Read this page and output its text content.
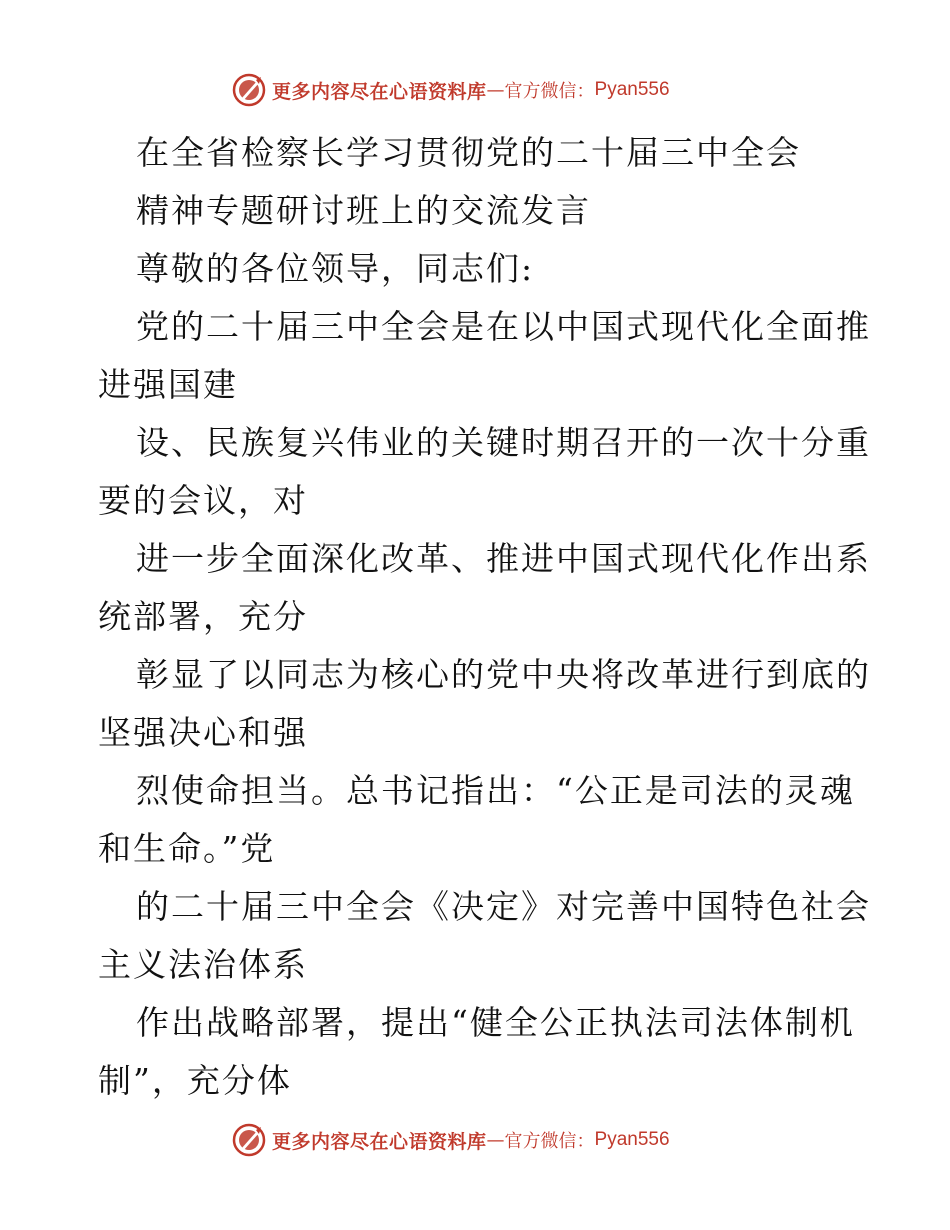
更多内容尽在心语资料库 — 官方微信： Pyan556
在全省检察长学习贯彻党的二十届三中全会
精神专题研讨班上的交流发言
尊敬的各位领导，同志们:
党的二十届三中全会是在以中国式现代化全面推
进强国建
设、民族复兴伟业的关键时期召开的一次十分重
要的会议，对
进一步全面深化改革、推进中国式现代化作出系
统部署，充分
彰显了以同志为核心的党中央将改革进行到底的
坚强决心和强
烈使命担当。总书记指出：“公正是司法的灵魂
和生命。”党
的二十届三中全会《决定》对完善中国特色社会
主义法治体系
作出战略部署，提出“健全公正执法司法体制机
制”，充分体
更多内容尽在心语资料库 — 官方微信： Pyan556
